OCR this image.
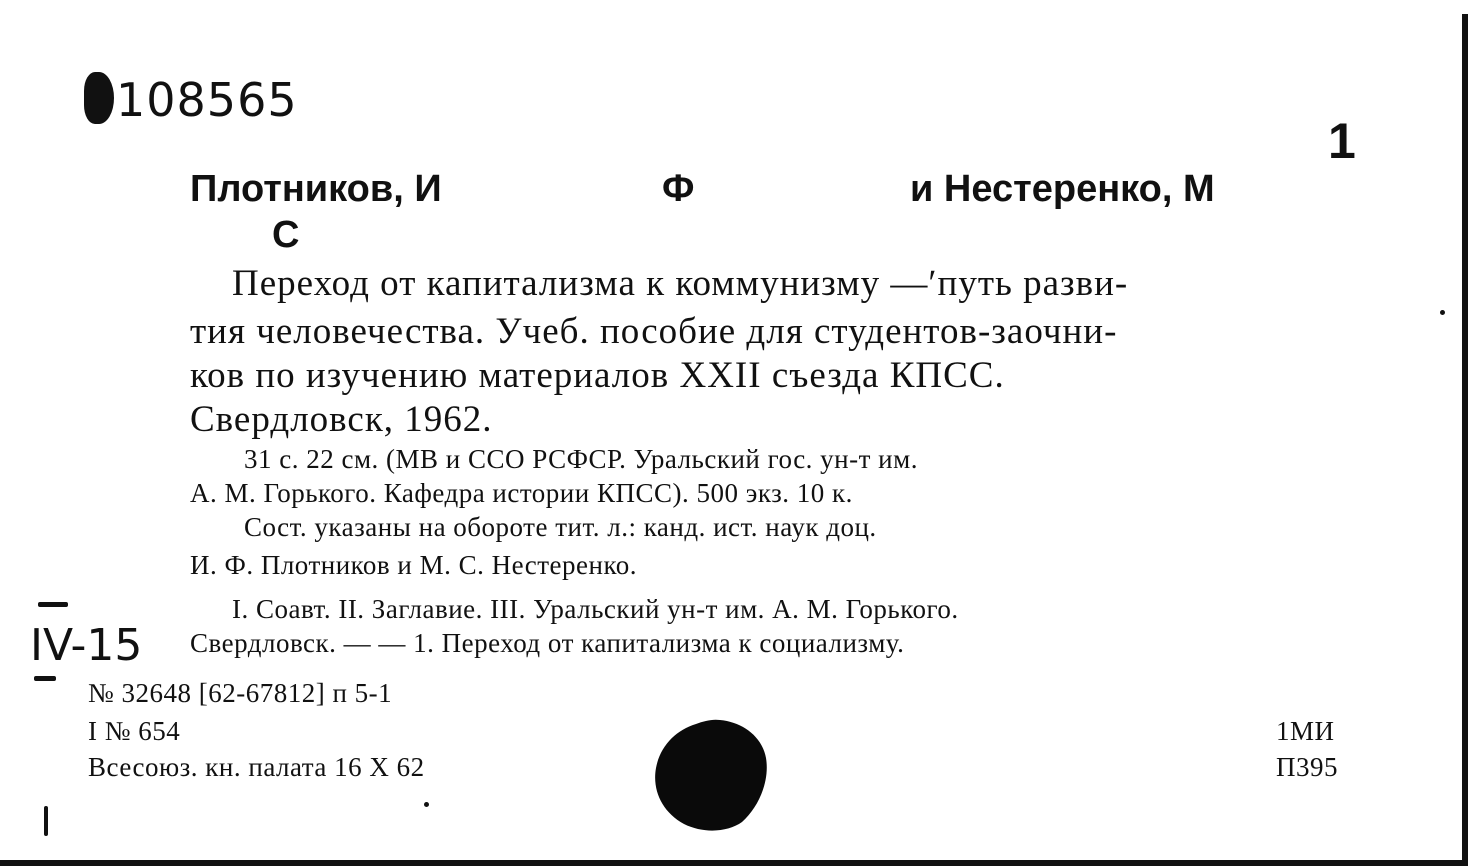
108565
1
Плотников, И	Ф	и Нестеренко, М
С
Переход от капитализма к коммунизму —ʹпуть разви-
тия человечества. Учеб. пособие для студентов-заочни-
ков по изучению материалов XXII съезда КПСС.
Свердловск, 1962.
31 с. 22 см. (МВ и ССО РСФСР. Уральский гос. ун-т им.
А. М. Горького. Кафедра истории КПСС). 500 экз. 10 к.
Сост. указаны на обороте тит. л.: канд. ист. наук доц.
И. Ф. Плотников и М. С. Нестеренко.
I. Соавт. II. Заглавие. III. Уральский ун-т им. А. М. Горького.
Свердловск. — — 1. Переход от капитализма к социализму.
IV-15
№ 32648 [62-67812] п 5-1
I № 654
Всесоюз. кн. палата 16 X 62
1МИ
П395
